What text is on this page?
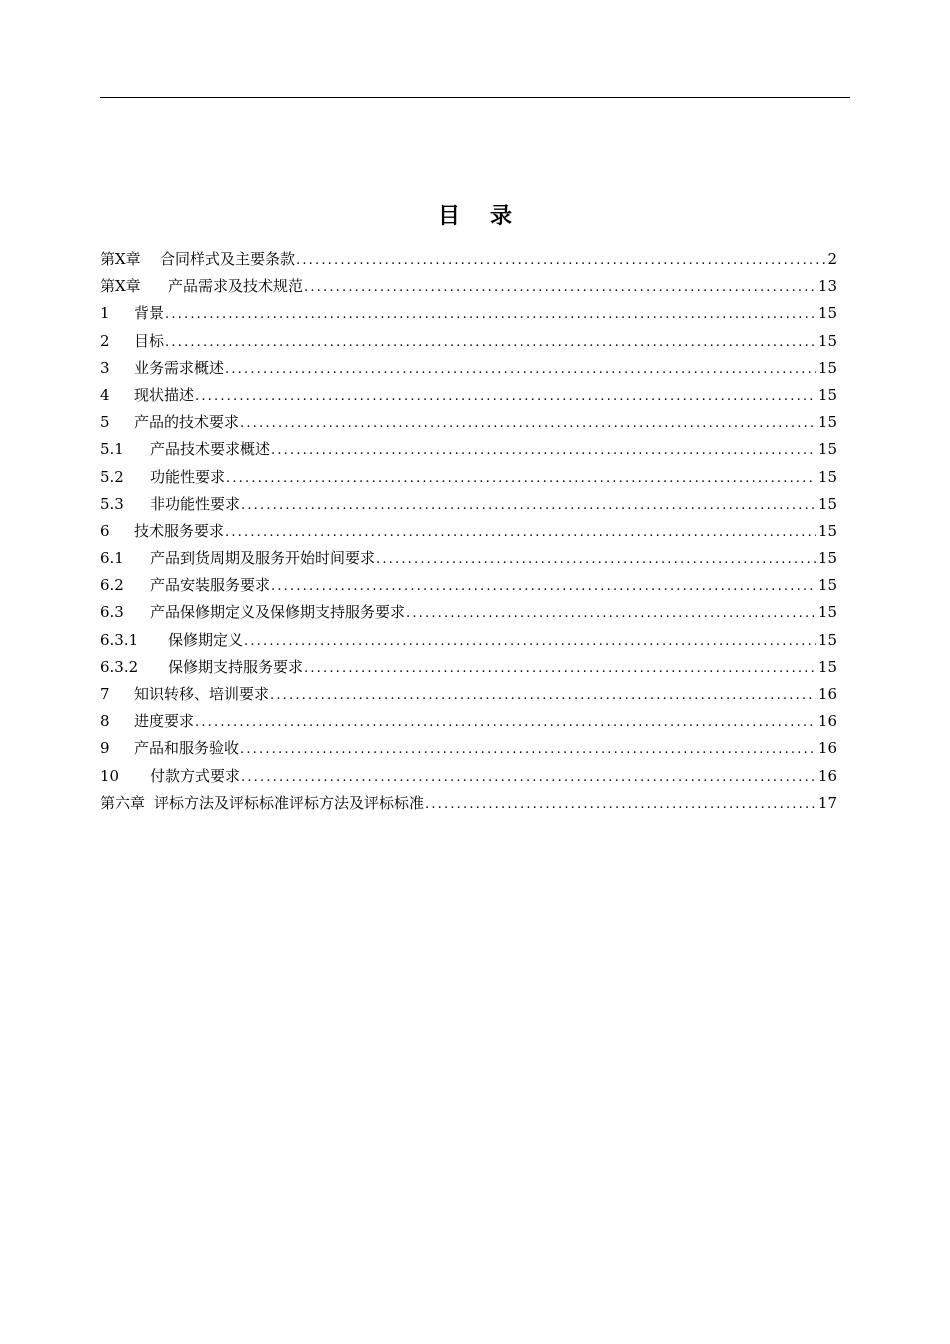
目 录
第X章	合同样式及主要条款 .....	2
第X章	产品需求及技术规范 .....	13
1	背景 .....	15
2	目标 .....	15
3	业务需求概述 .....	15
4	现状描述 .....	15
5	产品的技术要求 .....	15
5.1	产品技术要求概述 .....	15
5.2	功能性要求 .....	15
5.3	非功能性要求 .....	15
6	技术服务要求 .....	15
6.1	产品到货周期及服务开始时间要求 .....	15
6.2	产品安装服务要求 .....	15
6.3	产品保修期定义及保修期支持服务要求 .....	15
6.3.1	保修期定义 .....	15
6.3.2	保修期支持服务要求 .....	15
7	知识转移、培训要求 .....	16
8	进度要求 .....	16
9	产品和服务验收 .....	16
10	付款方式要求 .....	16
第六章 评标方法及评标标准评标方法及评标标准 .....	17
